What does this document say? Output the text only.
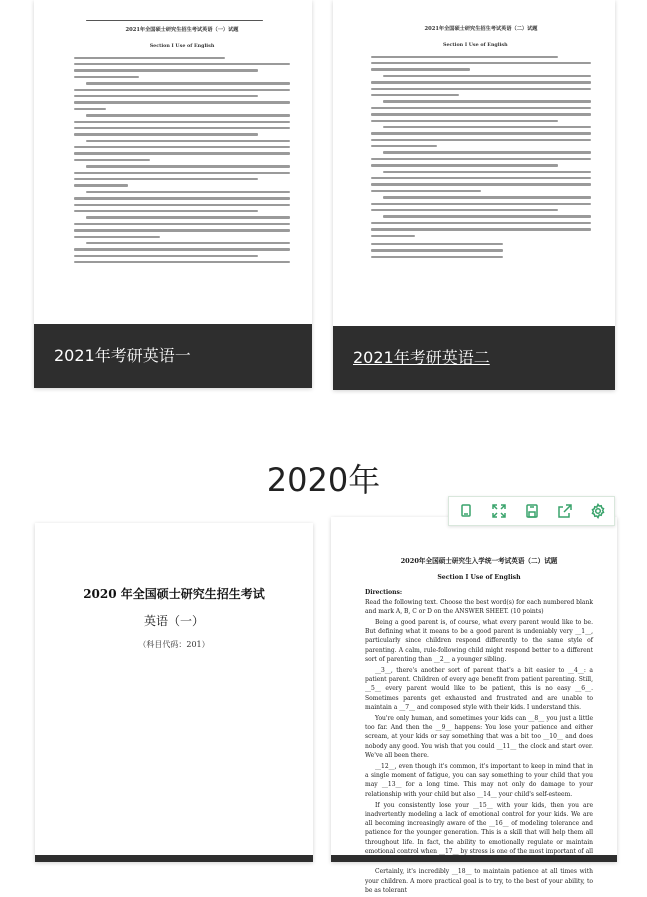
2021年全国硕士研究生招生考试英语（一）试题
Section I Use of English
2021年考研英语一
2021年全国硕士研究生招生考试英语（二）试题
Section I Use of English
2021年考研英语二
2020年
2020 年全国硕士研究生招生考试
英语（一）
（科目代码：201）
2020年全国硕士研究生入学统一考试英语（二）试题
Section I Use of English
Directions:
Read the following text. Choose the best word(s) for each numbered blank and mark A, B, C or D on the ANSWER SHEET. (10 points)
Being a good parent is, of course, what every parent would like to be. But defining what it means to be a good parent is undeniably very __1__, particularly since children respond differently to the same style of parenting. A calm, rule-following child might respond better to a different sort of parenting than __2__ a younger sibling.
__3__, there's another sort of parent that's a bit easier to __4__: a patient parent. Children of every age benefit from patient parenting. Still, __5__ every parent would like to be patient, this is no easy __6__. Sometimes parents get exhausted and frustrated and are unable to maintain a __7__ and composed style with their kids. I understand this.
You're only human, and sometimes your kids can __8__ you just a little too far. And then the __9__ happens: You lose your patience and either scream, at your kids or say something that was a bit too __10__ and does nobody any good. You wish that you could __11__ the clock and start over. We've all been there.
__12__, even though it's common, it's important to keep in mind that in a single moment of fatigue, you can say something to your child that you may __13__ for a long time. This may not only do damage to your relationship with your child but also __14__ your child's self-esteem.
If you consistently lose your __15__ with your kids, then you are inadvertently modeling a lack of emotional control for your kids. We are all becoming increasingly aware of the __16__ of modeling tolerance and patience for the younger generation. This is a skill that will help them all throughout life. In fact, the ability to emotionally regulate or maintain emotional control when __17__ by stress is one of the most important of all
Certainly, it's incredibly __18__ to maintain patience at all times with your children. A more practical goal is to try, to the best of your ability, to be as tolerant
